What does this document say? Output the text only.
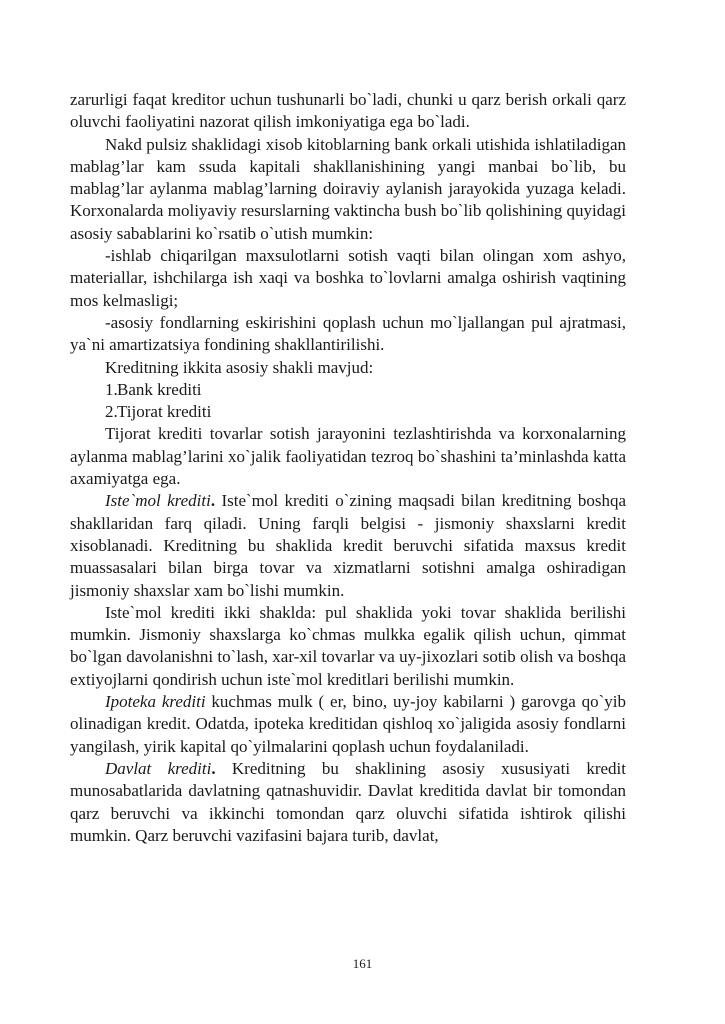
zarurligi faqat kreditor uchun tushunarli bo`ladi, chunki u qarz berish orkali qarz oluvchi faoliyatini nazorat qilish imkoniyatiga ega bo`ladi.

Nakd pulsiz shaklidagi xisob kitoblarning bank orkali utishida ishlatiladigan mablag’lar kam ssuda kapitali shakllanishining yangi manbai bo`lib, bu mablag’lar aylanma mablag’larning doiraviy aylanish jarayokida yuzaga keladi. Korxonalarda moliyaviy resurslarning vaktincha bush bo`lib qolishining quyidagi asosiy sabablarini ko`rsatib o`utish mumkin:

-ishlab chiqarilgan maxsulotlarni sotish vaqti bilan olingan xom ashyo, materiallar, ishchilarga ish xaqi va boshka to`lovlarni amalga oshirish vaqtining mos kelmasligi;

-asosiy fondlarning eskirishini qoplash uchun mo`ljallangan pul ajratmasi, ya`ni amartizatsiya fondining shakllantirilishi.

Kreditning ikkita asosiy shakli mavjud:

1.Bank krediti

2.Tijorat krediti

Tijorat krediti tovarlar sotish jarayonini tezlashtirishda va korxonalarning aylanma mablag’larini xo`jalik faoliyatidan tezroq bo`shashini ta’minlashda katta axamiyatga ega.

Iste`mol krediti. Iste`mol krediti o`zining maqsadi bilan kreditning boshqa shakllaridan farq qiladi. Uning farqli belgisi - jismoniy shaxslarni kredit xisoblanadi. Kreditning bu shaklida kredit beruvchi sifatida maxsus kredit muassasalari bilan birga tovar va xizmatlarni sotishni amalga oshiradigan jismoniy shaxslar xam bo`lishi mumkin.

Iste`mol krediti ikki shaklda: pul shaklida yoki tovar shaklida berilishi mumkin. Jismoniy shaxslarga ko`chmas mulkka egalik qilish uchun, qimmat bo`lgan davolanishni to`lash, xar-xil tovarlar va uy-jixozlari sotib olish va boshqa extiyojlarni qondirish uchun iste`mol kreditlari berilishi mumkin.

Ipoteka krediti kuchmas mulk ( er, bino, uy-joy kabilarni ) garovga qo`yib olinadigan kredit. Odatda, ipoteka kreditidan qishloq xo`jaligida asosiy fondlarni yangilash, yirik kapital qo`yilmalarini qoplash uchun foydalaniladi.

Davlat krediti. Kreditning bu shaklining asosiy xususiyati kredit munosabatlarida davlatning qatnashuvidir. Davlat kreditida davlat bir tomondan qarz beruvchi va ikkinchi tomondan qarz oluvchi sifatida ishtirok qilishi mumkin. Qarz beruvchi vazifasini bajara turib, davlat,

161
